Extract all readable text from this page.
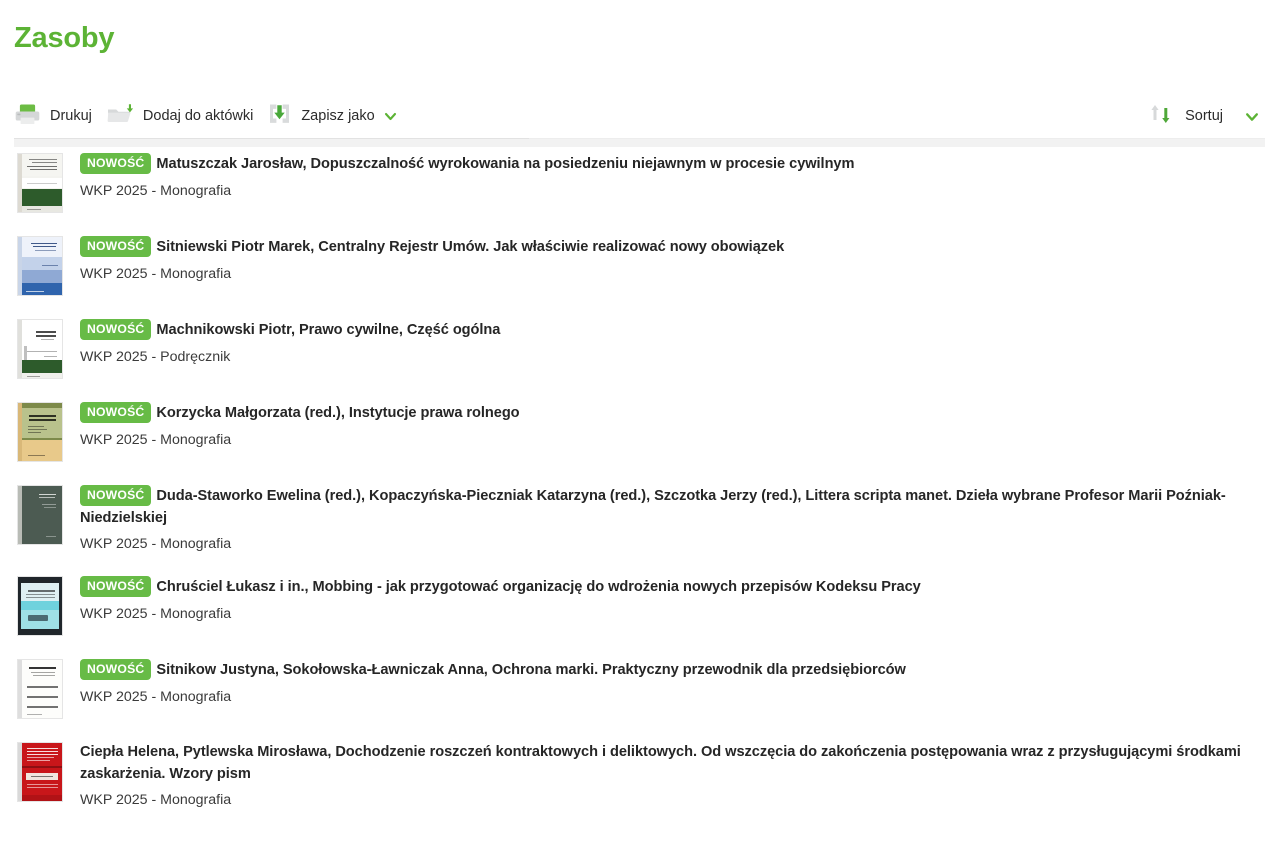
Zasoby
Drukuj	Dodaj do aktówki	Zapisz jako	Sortuj
NOWOŚĆ Matuszczak Jarosław, Dopuszczalność wyrokowania na posiedzeniu niejawnym w procesie cywilnym
WKP 2025 - Monografia
NOWOŚĆ Sitniewski Piotr Marek, Centralny Rejestr Umów. Jak właściwie realizować nowy obowiązek
WKP 2025 - Monografia
NOWOŚĆ Machnikowski Piotr, Prawo cywilne, Część ogólna
WKP 2025 - Podręcznik
NOWOŚĆ Korzycka Małgorzata (red.), Instytucje prawa rolnego
WKP 2025 - Monografia
NOWOŚĆ Duda-Staworko Ewelina (red.), Kopaczyńska-Pieczniak Katarzyna (red.), Szczotka Jerzy (red.), Littera scripta manet. Dzieła wybrane Profesor Marii Poźniak-Niedzielskiej
WKP 2025 - Monografia
NOWOŚĆ Chruściel Łukasz i in., Mobbing - jak przygotować organizację do wdrożenia nowych przepisów Kodeksu Pracy
WKP 2025 - Monografia
NOWOŚĆ Sitnikow Justyna, Sokołowska-Ławniczak Anna, Ochrona marki. Praktyczny przewodnik dla przedsiębiorców
WKP 2025 - Monografia
Ciepła Helena, Pytlewska Mirosława, Dochodzenie roszczeń kontraktowych i deliktowych. Od wszczęcia do zakończenia postępowania wraz z przysługującymi środkami zaskarżenia. Wzory pism
WKP 2025 - Monografia
